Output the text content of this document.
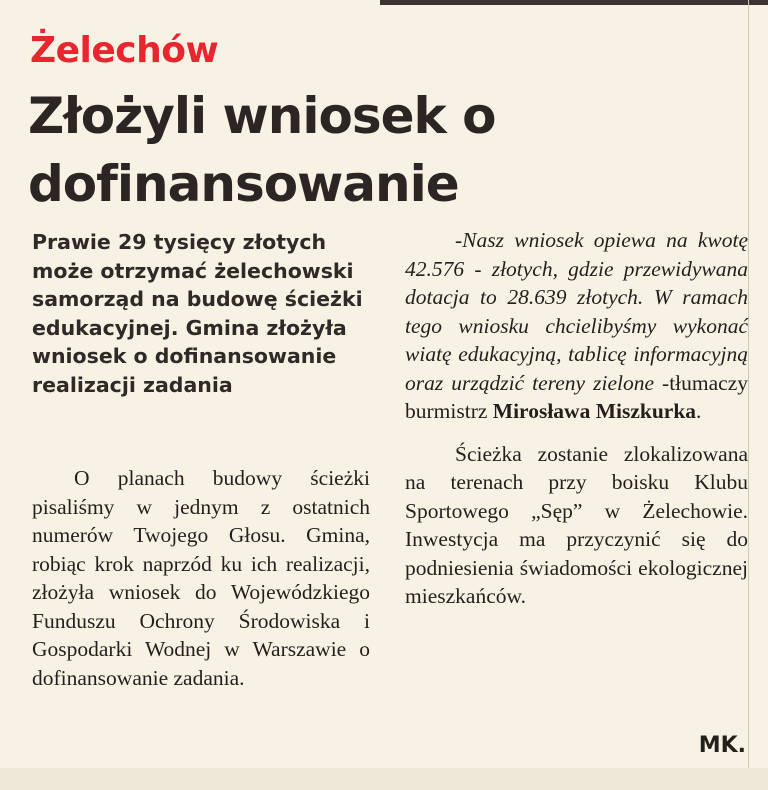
Żelechów
Złożyli wniosek o dofinansowanie
Prawie 29 tysięcy złotych może otrzymać żelechowski samorząd na budowę ścieżki edukacyjnej. Gmina złożyła wniosek o dofinansowanie realizacji zadania

O planach budowy ścieżki pisaliśmy w jednym z ostatnich numerów Twojego Głosu. Gmina, robiąc krok naprzód ku ich realizacji, złożyła wniosek do Wojewódzkiego Funduszu Ochrony Środowiska i Gospodarki Wodnej w Warszawie o dofinansowanie zadania.

-Nasz wniosek opiewa na kwotę 42.576 - złotych, gdzie przewidywana dotacja to 28.639 złotych. W ramach tego wniosku chcielibyśmy wykonać wiatę edukacyjną, tablicę informacyjną oraz urządzić tereny zielone -tłumaczy burmistrz Mirosława Miszkurka.

Ścieżka zostanie zlokalizowana na terenach przy boisku Klubu Sportowego „Sęp” w Żelechowie. Inwestycja ma przyczynić się do podniesienia świadomości ekologicznej mieszkańców.

MK.
